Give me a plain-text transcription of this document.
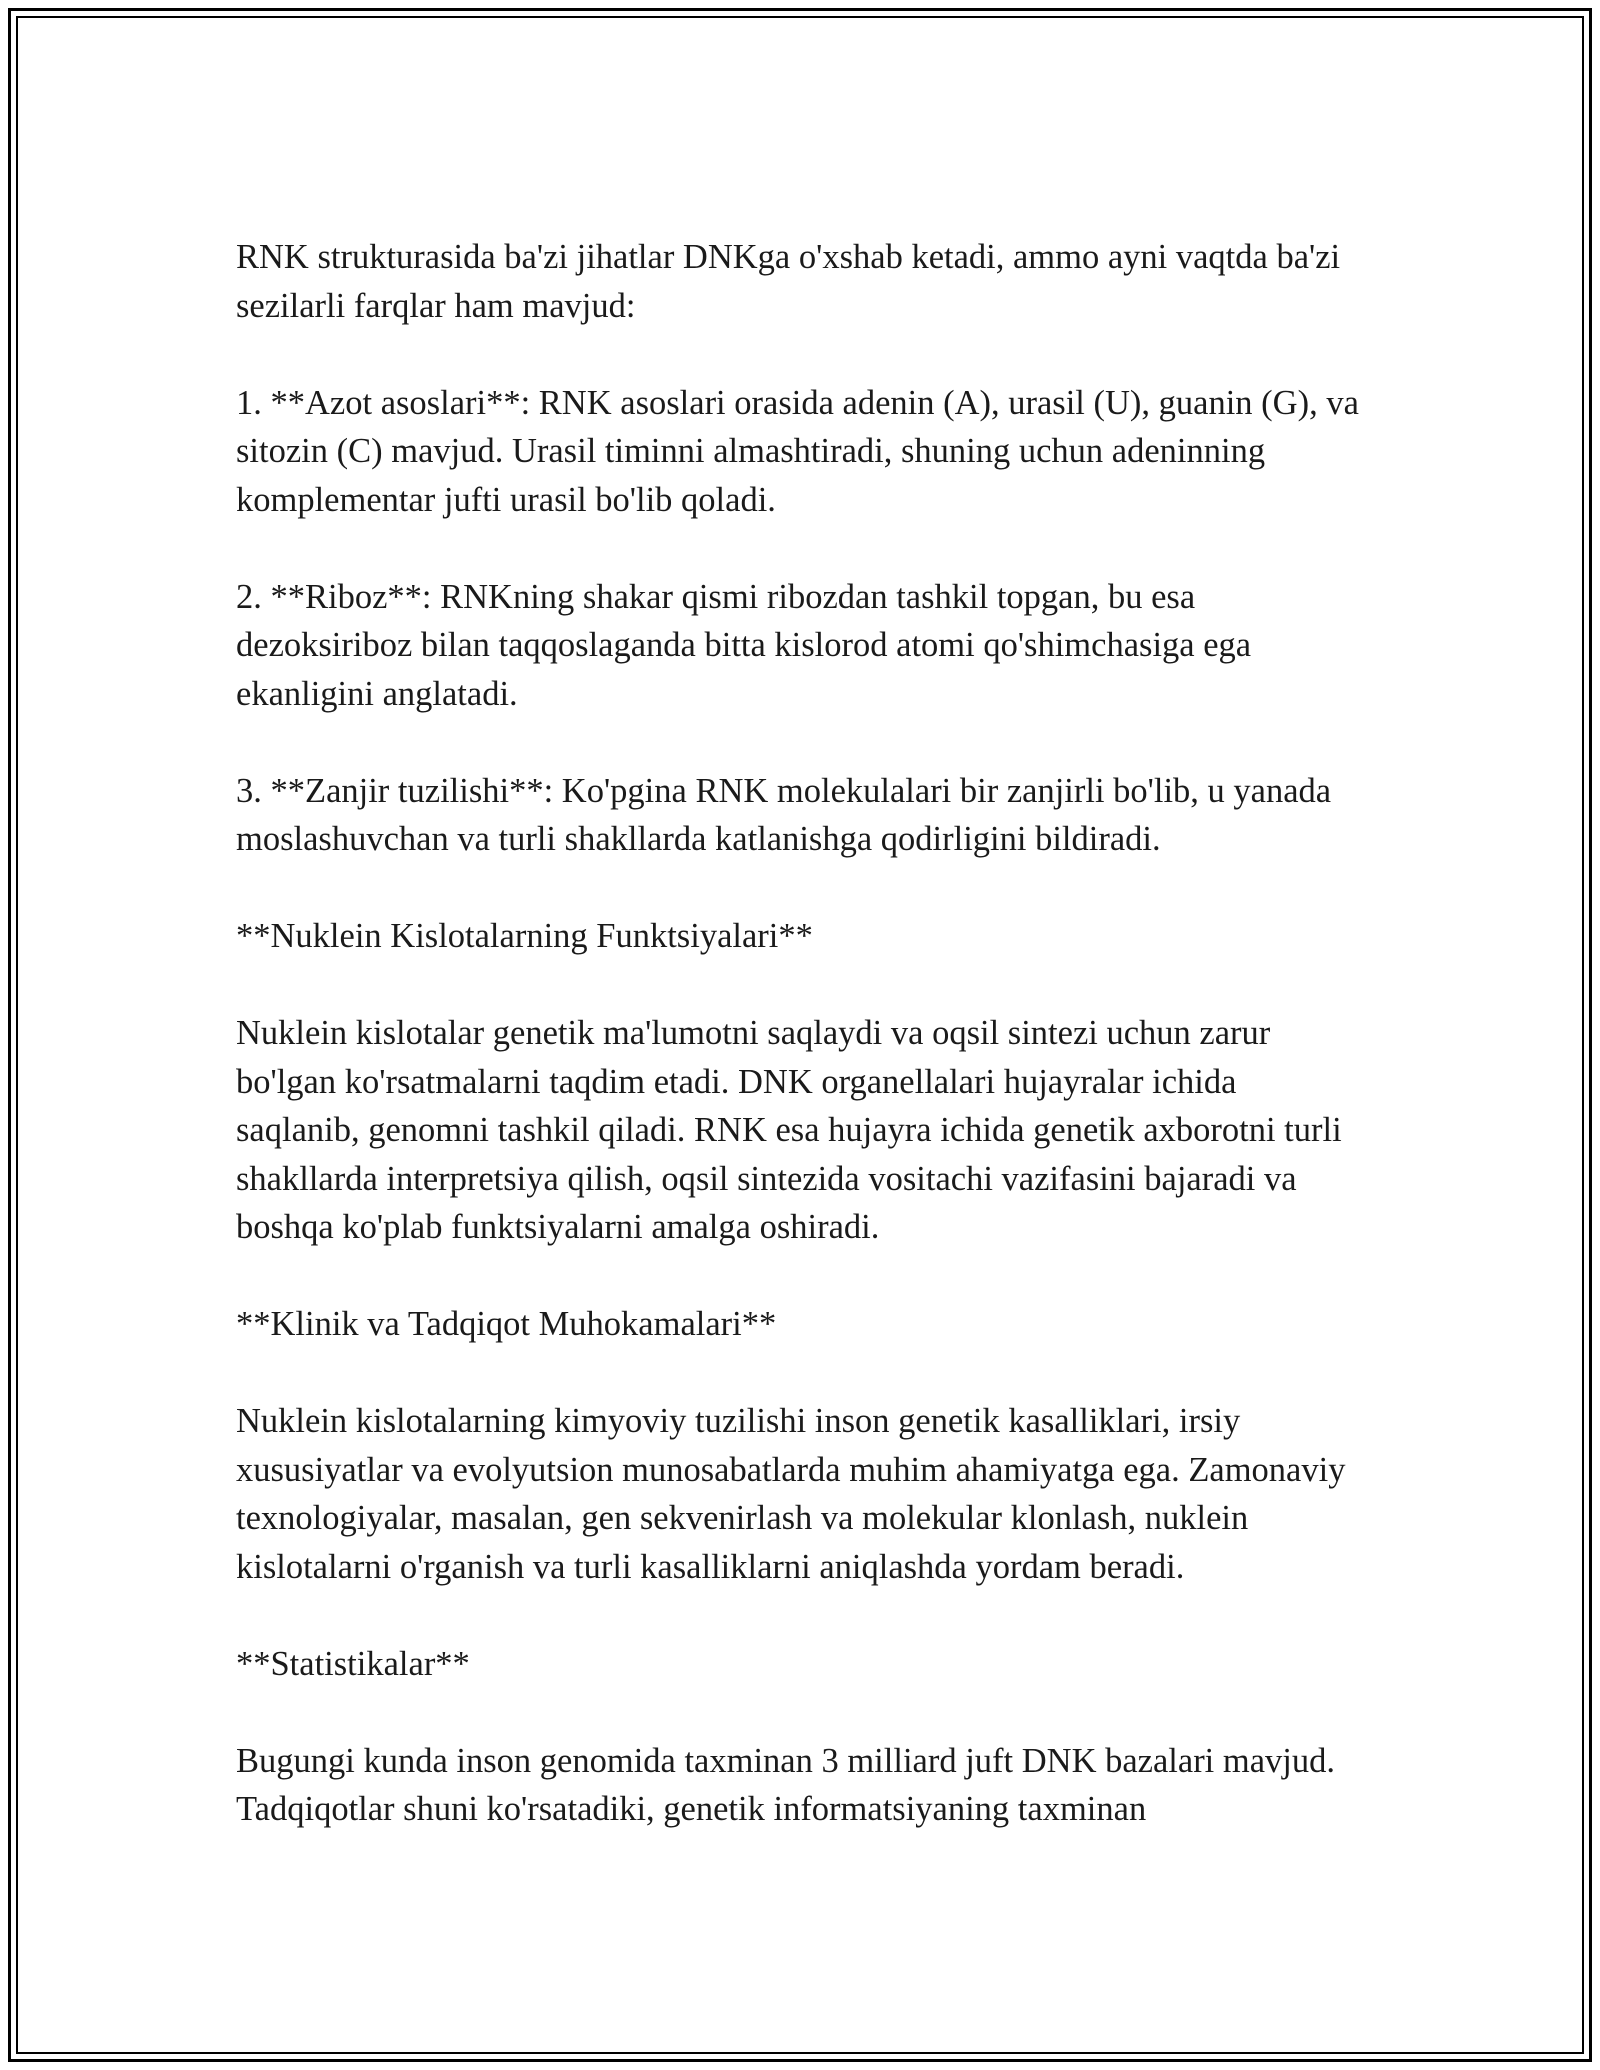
RNK strukturasida ba'zi jihatlar DNKga o'xshab ketadi, ammo ayni vaqtda ba'zi sezilarli farqlar ham mavjud:

1. **Azot asoslari**: RNK asoslari orasida adenin (A), urasil (U), guanin (G), va sitozin (C) mavjud. Urasil timinni almashtiradi, shuning uchun adeninning komplementar jufti urasil bo'lib qoladi.

2. **Riboz**: RNKning shakar qismi ribozdan tashkil topgan, bu esa dezoksiriboz bilan taqqoslaganda bitta kislorod atomi qo'shimchasiga ega ekanligini anglatadi.

3. **Zanjir tuzilishi**: Ko'pgina RNK molekulalari bir zanjirli bo'lib, u yanada moslashuvchan va turli shakllarda katlanishga qodirligini bildiradi.

**Nuklein Kislotalarning Funktsiyalari**

Nuklein kislotalar genetik ma'lumotni saqlaydi va oqsil sintezi uchun zarur bo'lgan ko'rsatmalarni taqdim etadi. DNK organellalari hujayralar ichida saqlanib, genomni tashkil qiladi. RNK esa hujayra ichida genetik axborotni turli shakllarda interpretsiya qilish, oqsil sintezida vositachi vazifasini bajaradi va boshqa ko'plab funktsiyalarni amalga oshiradi.

**Klinik va Tadqiqot Muhokamalari**

Nuklein kislotalarning kimyoviy tuzilishi inson genetik kasalliklari, irsiy xususiyatlar va evolyutsion munosabatlarda muhim ahamiyatga ega. Zamonaviy texnologiyalar, masalan, gen sekvenirlash va molekular klonlash, nuklein kislotalarni o'rganish va turli kasalliklarni aniqlashda yordam beradi.

**Statistikalar**

Bugungi kunda inson genomida taxminan 3 milliard juft DNK bazalari mavjud. Tadqiqotlar shuni ko'rsatadiki, genetik informatsiyaning taxminan
